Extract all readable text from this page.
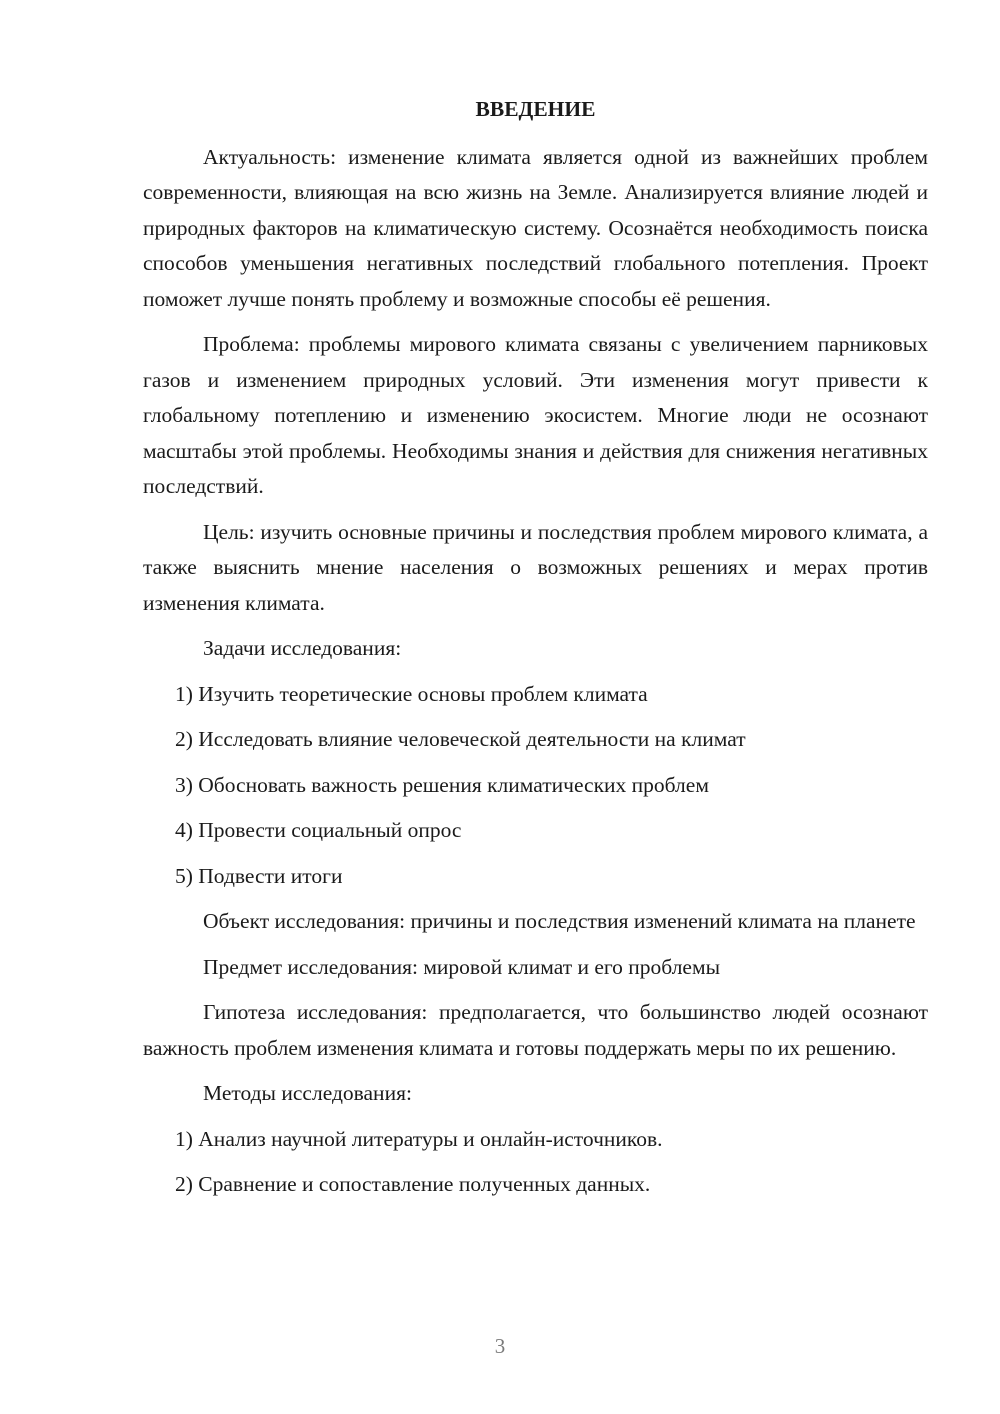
ВВЕДЕНИЕ

Актуальность: изменение климата является одной из важнейших проблем современности, влияющая на всю жизнь на Земле. Анализируется влияние людей и природных факторов на климатическую систему. Осознаётся необходимость поиска способов уменьшения негативных последствий глобального потепления. Проект поможет лучше понять проблему и возможные способы её решения.

Проблема: проблемы мирового климата связаны с увеличением парниковых газов и изменением природных условий. Эти изменения могут привести к глобальному потеплению и изменению экосистем. Многие люди не осознают масштабы этой проблемы. Необходимы знания и действия для снижения негативных последствий.

Цель: изучить основные причины и последствия проблем мирового климата, а также выяснить мнение населения о возможных решениях и мерах против изменения климата.

Задачи исследования:

1) Изучить теоретические основы проблем климата
2) Исследовать влияние человеческой деятельности на климат
3) Обосновать важность решения климатических проблем
4) Провести социальный опрос
5) Подвести итоги

Объект исследования: причины и последствия изменений климата на планете

Предмет исследования: мировой климат и его проблемы

Гипотеза исследования: предполагается, что большинство людей осознают важность проблем изменения климата и готовы поддержать меры по их решению.

Методы исследования:

1) Анализ научной литературы и онлайн-источников.
2) Сравнение и сопоставление полученных данных.
3
